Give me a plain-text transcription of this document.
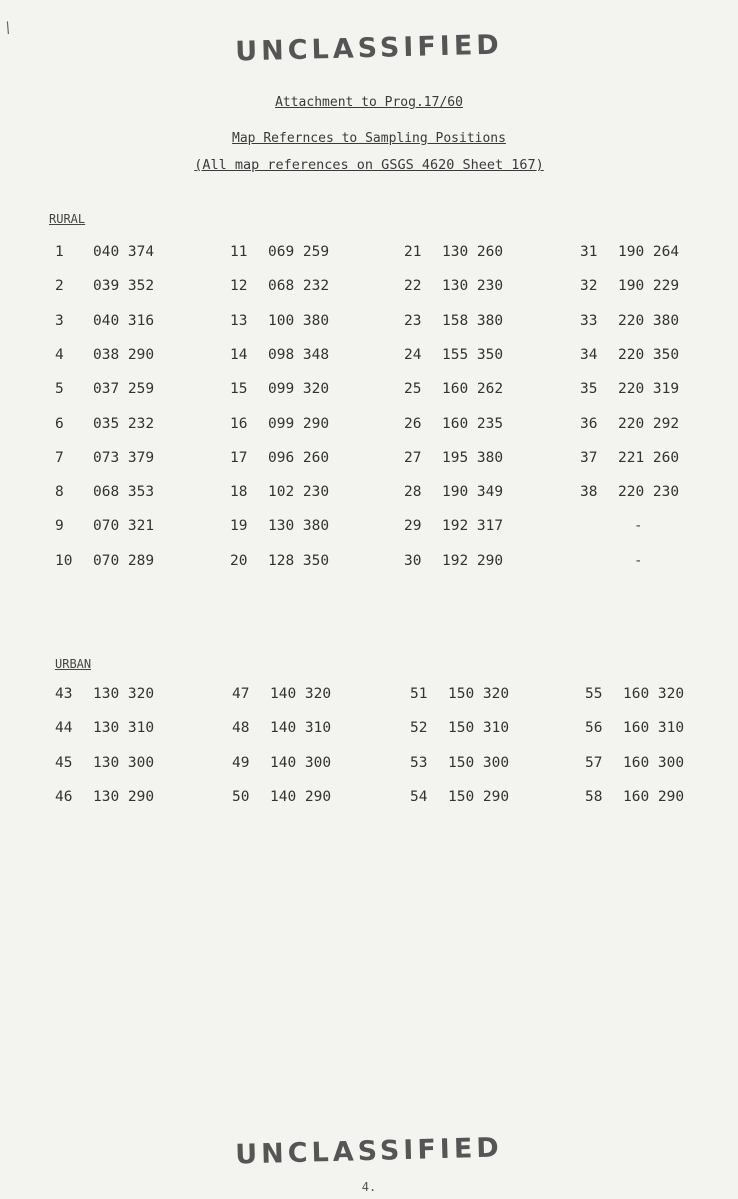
/
UNCLASSIFIED
Attachment to Prog.17/60
Map Refernces to Sampling Positions
(All map references on GSGS 4620 Sheet 167)
RURAL
1 040 374
2 039 352
3 040 316
4 038 290
5 037 259
6 035 232
7 073 379
8 068 353
9 070 321
10 070 289
11 069 259
12 068 232
13 100 380
14 098 348
15 099 320
16 099 290
17 096 260
18 102 230
19 130 380
20 128 350
21 130 260
22 130 230
23 158 380
24 155 350
25 160 262
26 160 235
27 195 380
28 190 349
29 192 317
30 192 290
31 190 264
32 190 229
33 220 380
34 220 350
35 220 319
36 220 292
37 221 260
38 220 230
-
-
URBAN
43 130 320
44 130 310
45 130 300
46 130 290
47 140 320
48 140 310
49 140 300
50 140 290
51 150 320
52 150 310
53 150 300
54 150 290
55 160 320
56 160 310
57 160 300
58 160 290
UNCLASSIFIED
4.
